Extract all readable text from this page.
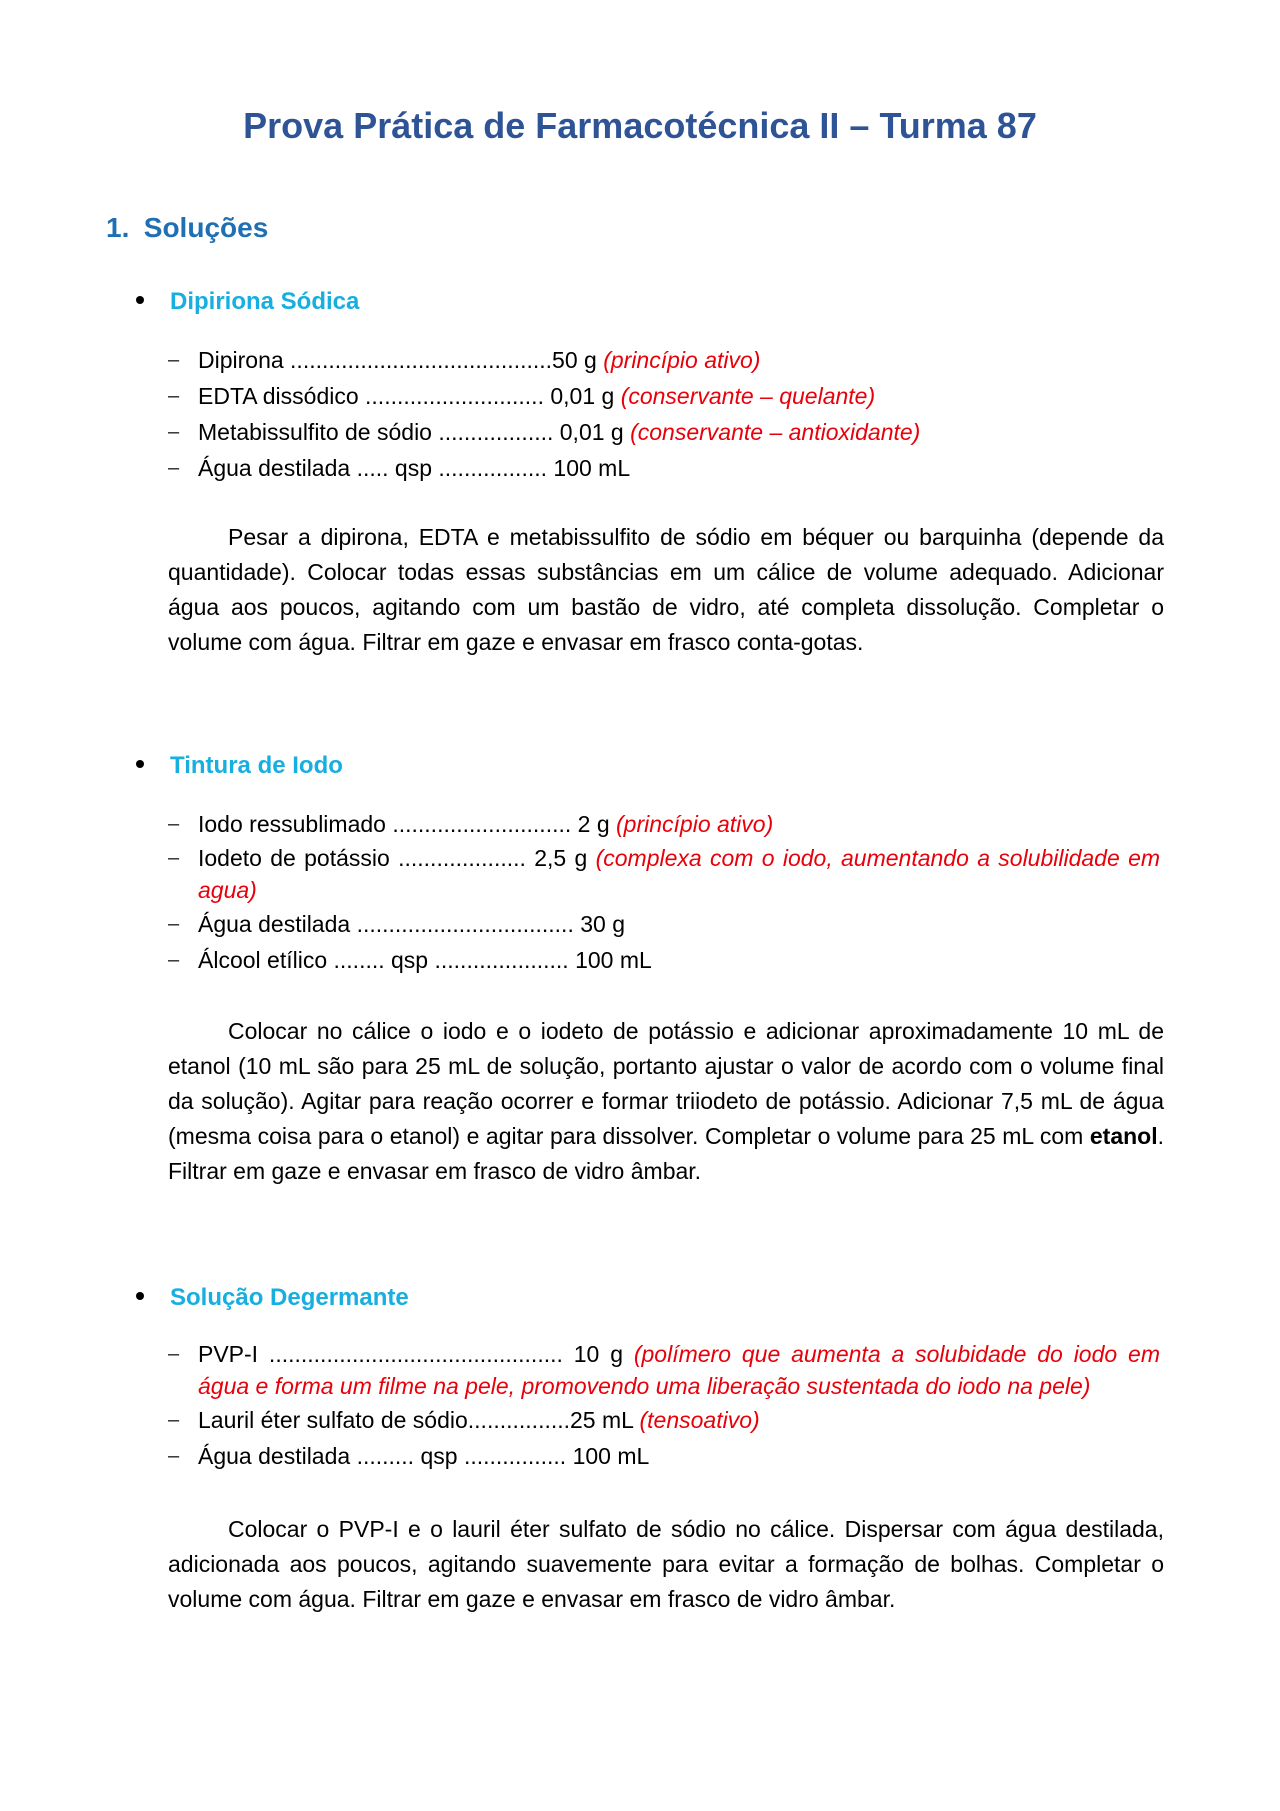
Prova Prática de Farmacotécnica II – Turma 87
1. Soluções
Dipiriona Sódica
– Dipirona .........................................50 g (princípio ativo)
– EDTA dissódico ............................ 0,01 g (conservante – quelante)
– Metabissulfito de sódio .................. 0,01 g (conservante – antioxidante)
– Água destilada ..... qsp ................. 100 mL

Pesar a dipirona, EDTA e metabissulfito de sódio em béquer ou barquinha (depende da quantidade). Colocar todas essas substâncias em um cálice de volume adequado. Adicionar água aos poucos, agitando com um bastão de vidro, até completa dissolução. Completar o volume com água. Filtrar em gaze e envasar em frasco conta-gotas.

Tintura de Iodo
– Iodo ressublimado ............................ 2 g (princípio ativo)
– Iodeto de potássio .................... 2,5 g (complexa com o iodo, aumentando a solubilidade em agua)
– Água destilada .................................. 30 g
– Álcool etílico ........ qsp ..................... 100 mL

Colocar no cálice o iodo e o iodeto de potássio e adicionar aproximadamente 10 mL de etanol (10 mL são para 25 mL de solução, portanto ajustar o valor de acordo com o volume final da solução). Agitar para reação ocorrer e formar triiodeto de potássio. Adicionar 7,5 mL de água (mesma coisa para o etanol) e agitar para dissolver. Completar o volume para 25 mL com etanol. Filtrar em gaze e envasar em frasco de vidro âmbar.

Solução Degermante
– PVP-I .............................................. 10 g (polímero que aumenta a solubidade do iodo em água e forma um filme na pele, promovendo uma liberação sustentada do iodo na pele)
– Lauril éter sulfato de sódio................25 mL (tensoativo)
– Água destilada ......... qsp ................ 100 mL

Colocar o PVP-I e o lauril éter sulfato de sódio no cálice. Dispersar com água destilada, adicionada aos poucos, agitando suavemente para evitar a formação de bolhas. Completar o volume com água. Filtrar em gaze e envasar em frasco de vidro âmbar.
